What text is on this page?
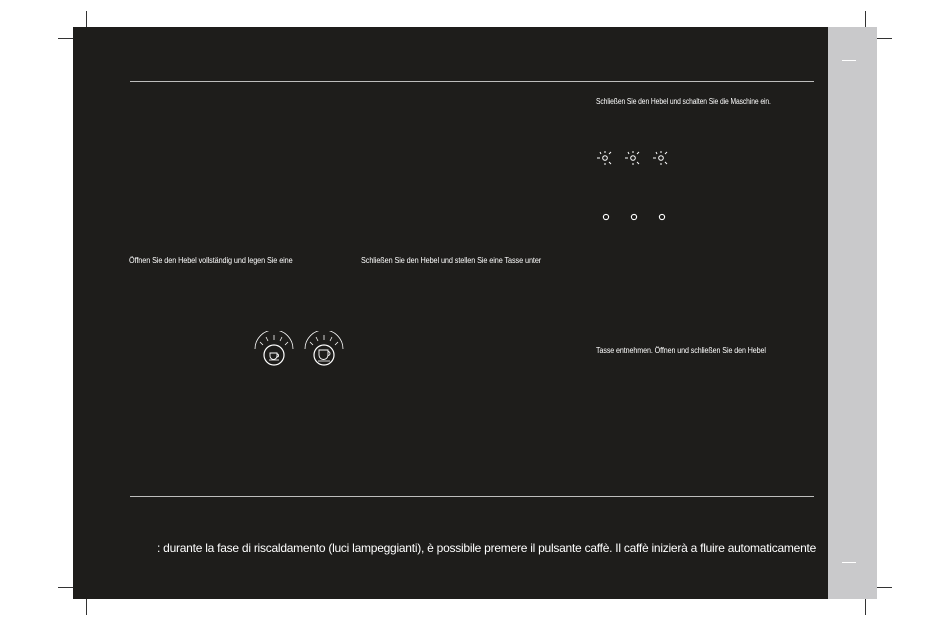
Öffnen Sie den Hebel vollständig und legen Sie eine	Schließen Sie den Hebel und stellen Sie eine Tasse unter
Schließen Sie den Hebel und schalten Sie die Maschine ein.
Tasse entnehmen. Öffnen und schließen Sie den Hebel
: durante la fase di riscaldamento (luci lampeggianti), è possibile premere il pulsante caffè. Il caffè inizierà a fluire automaticamente
